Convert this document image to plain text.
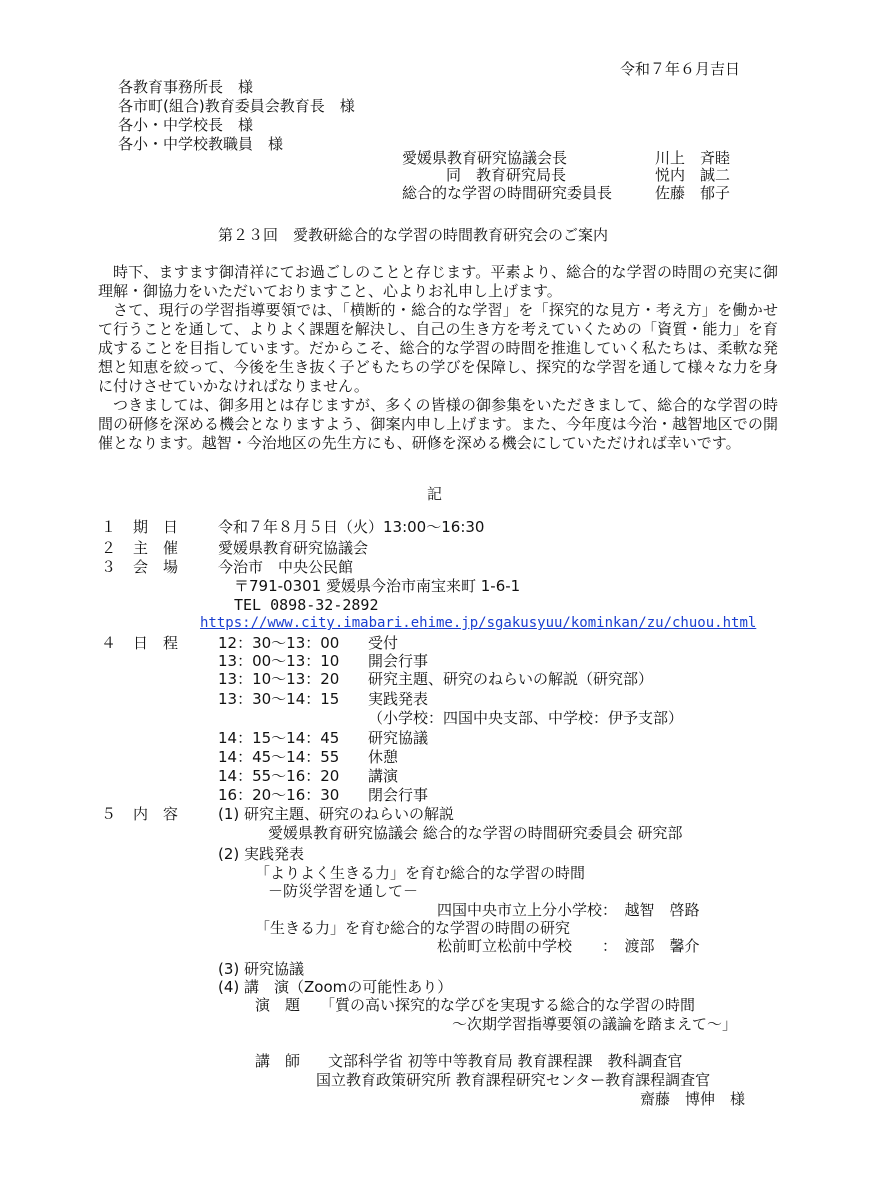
令和７年６月吉日
各教育事務所長　様
各市町(組合)教育委員会教育長　様
各小・中学校長　様
各小・中学校教職員　様
愛媛県教育研究協議会長	川上　斉睦
同　教育研究局長	悦内　誠二
総合的な学習の時間研究委員長	佐藤　郁子
第２３回　愛教研総合的な学習の時間教育研究会のご案内

時下、ますます御清祥にてお過ごしのことと存じます。平素より、総合的な学習の時間の充実に御理解・御協力をいただいておりますこと、心よりお礼申し上げます。

さて、現行の学習指導要領では、「横断的・総合的な学習」を「探究的な見方・考え方」を働かせて行うことを通して、よりよく課題を解決し、自己の生き方を考えていくための「資質・能力」を育成することを目指しています。だからこそ、総合的な学習の時間を推進していく私たちは、柔軟な発想と知恵を絞って、今後を生き抜く子どもたちの学びを保障し、探究的な学習を通して様々な力を身に付けさせていかなければなりません。

つきましては、御多用とは存じますが、多くの皆様の御参集をいただきまして、総合的な学習の時間の研修を深める機会となりますよう、御案内申し上げます。また、今年度は今治・越智地区での開催となります。越智・今治地区の先生方にも、研修を深める機会にしていただければ幸いです。

記
１ 期　日	令和７年８月５日（火）13:00～16:30
２ 主　催	愛媛県教育研究協議会
３ 会　場	今治市　中央公民館
〒791-0301 愛媛県今治市南宝来町 1-6-1
TEL 0898-32-2892
https://www.city.imabari.ehime.jp/sgakusyuu/kominkan/zu/chuou.html
４ 日　程	12：30～13：00 受付
13：00～13：10 開会行事
13：10～13：20 研究主題、研究のねらいの解説（研究部）
13：30～14：15 実践発表
（小学校：四国中央支部、中学校：伊予支部）
14：15～14：45 研究協議
14：45～14：55 休憩
14：55～16：20 講演
16：20～16：30 閉会行事
５ 内　容	(1) 研究主題、研究のねらいの解説
愛媛県教育研究協議会 総合的な学習の時間研究委員会 研究部
(2) 実践発表
「よりよく生きる力」を育む総合的な学習の時間
－防災学習を通して－
四国中央市立上分小学校：　越智　啓路
「生きる力」を育む総合的な学習の時間の研究
松前町立松前中学校　　：　渡部　馨介
(3) 研究協議
(4) 講　演（Zoomの可能性あり）
演　題 「質の高い探究的な学びを実現する総合的な学習の時間
～次期学習指導要領の議論を踏まえて～」
講　師 文部科学省 初等中等教育局 教育課程課　教科調査官
国立教育政策研究所 教育課程研究センター教育課程調査官
齋藤　博伸　様
